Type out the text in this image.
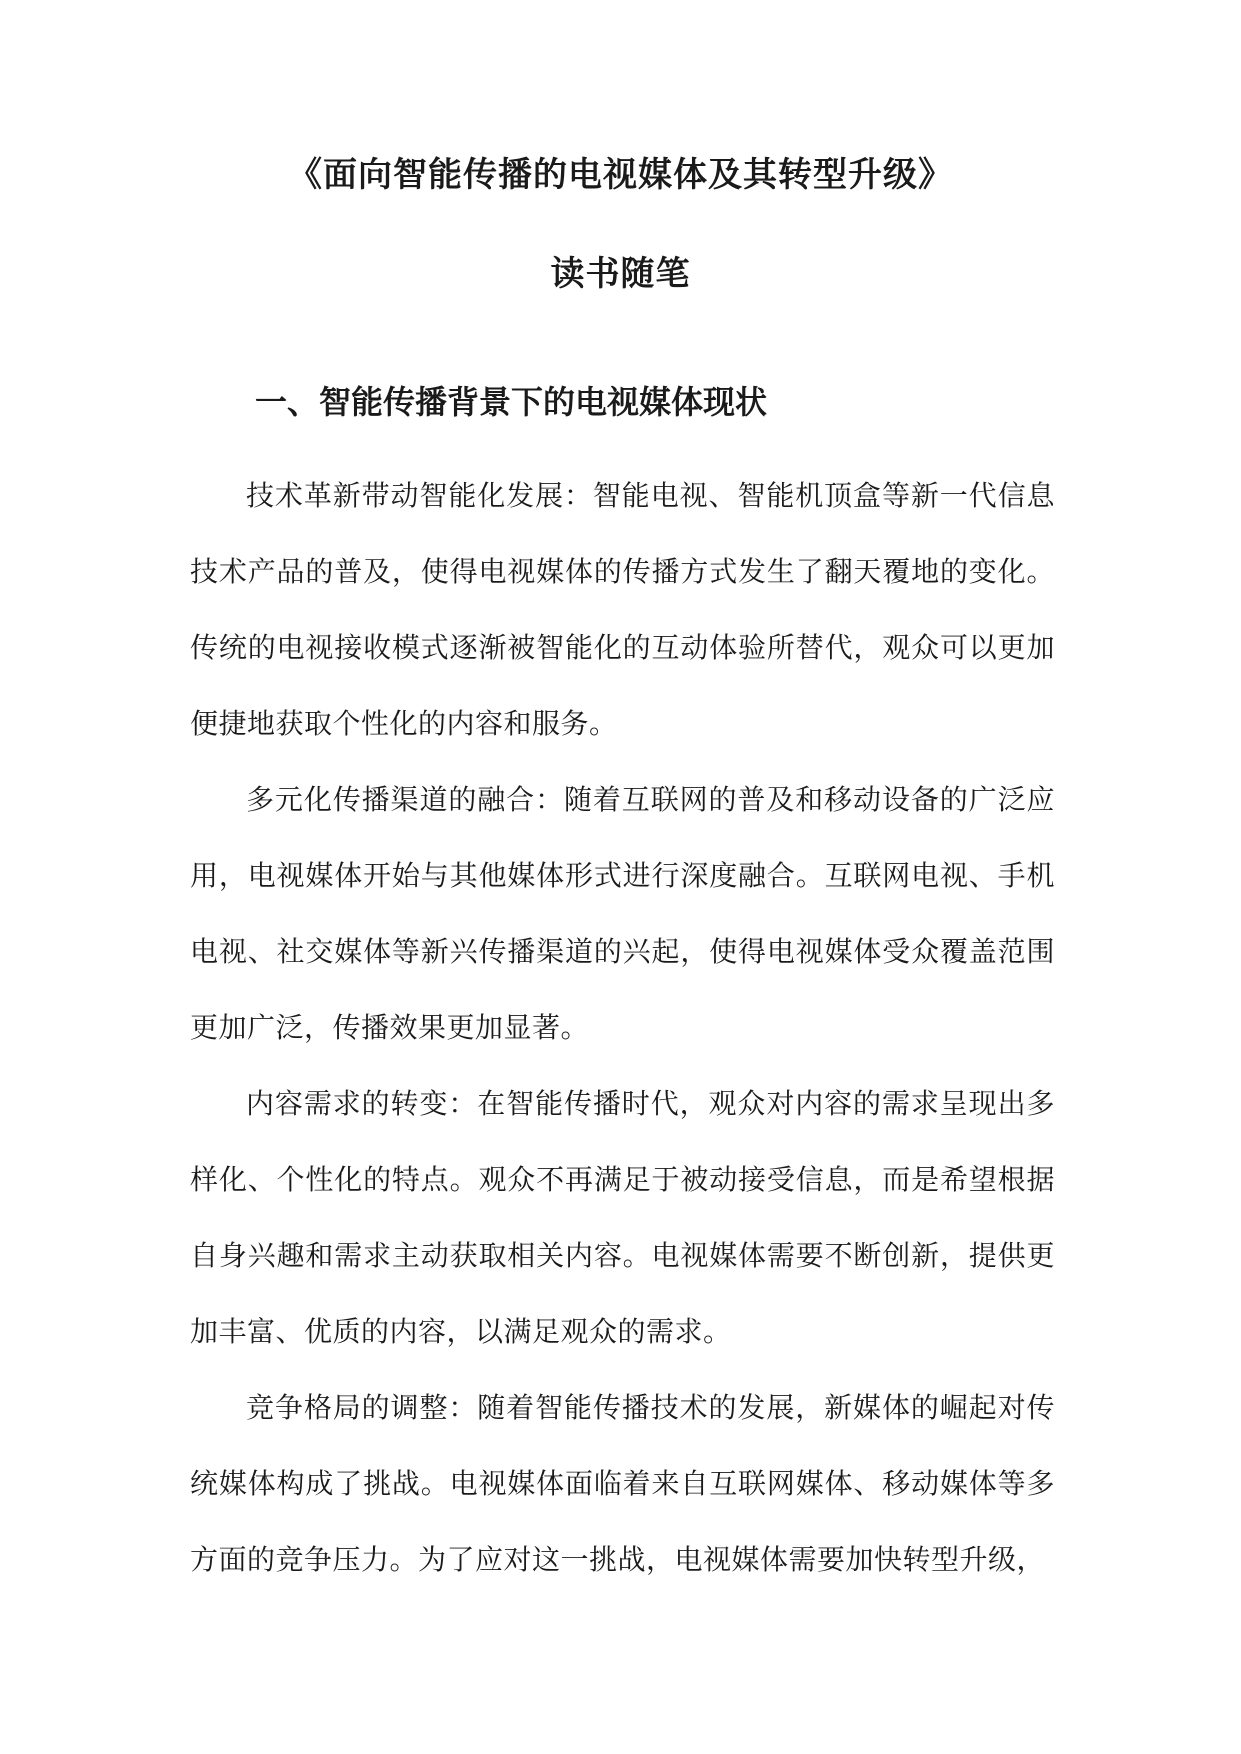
《面向智能传播的电视媒体及其转型升级》
读书随笔
一、智能传播背景下的电视媒体现状

技术革新带动智能化发展：智能电视、智能机顶盒等新一代信息技术产品的普及，使得电视媒体的传播方式发生了翻天覆地的变化。传统的电视接收模式逐渐被智能化的互动体验所替代，观众可以更加便捷地获取个性化的内容和服务。

多元化传播渠道的融合：随着互联网的普及和移动设备的广泛应用，电视媒体开始与其他媒体形式进行深度融合。互联网电视、手机电视、社交媒体等新兴传播渠道的兴起，使得电视媒体受众覆盖范围更加广泛，传播效果更加显著。

内容需求的转变：在智能传播时代，观众对内容的需求呈现出多样化、个性化的特点。观众不再满足于被动接受信息，而是希望根据自身兴趣和需求主动获取相关内容。电视媒体需要不断创新，提供更加丰富、优质的内容，以满足观众的需求。

竞争格局的调整：随着智能传播技术的发展，新媒体的崛起对传统媒体构成了挑战。电视媒体面临着来自互联网媒体、移动媒体等多方面的竞争压力。为了应对这一挑战，电视媒体需要加快转型升级，
